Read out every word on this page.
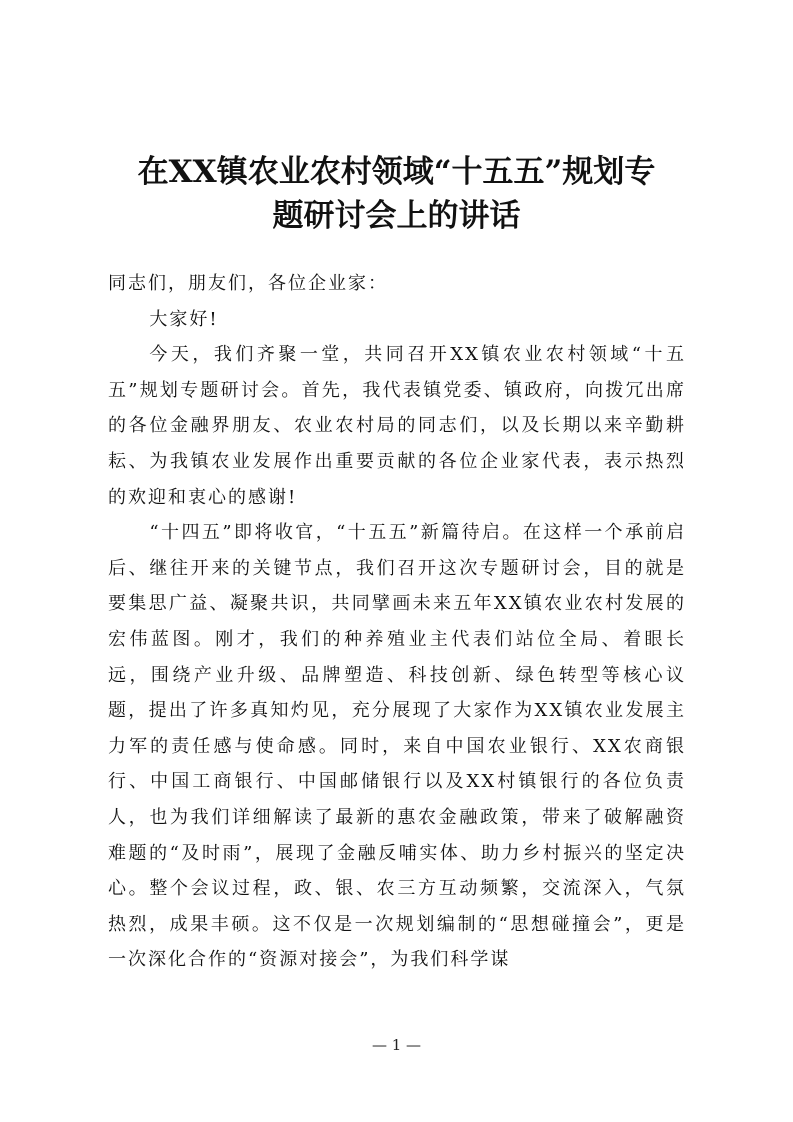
在XX镇农业农村领域“十五五”规划专
题研讨会上的讲话

同志们，朋友们，各位企业家：

大家好!

今天，我们齐聚一堂，共同召开XX镇农业农村领域“十五五”规划专题研讨会。首先，我代表镇党委、镇政府，向拨冗出席的各位金融界朋友、农业农村局的同志们，以及长期以来辛勤耕耘、为我镇农业发展作出重要贡献的各位企业家代表，表示热烈的欢迎和衷心的感谢!

“十四五”即将收官，“十五五”新篇待启。在这样一个承前启后、继往开来的关键节点，我们召开这次专题研讨会，目的就是要集思广益、凝聚共识，共同擘画未来五年XX镇农业农村发展的宏伟蓝图。刚才，我们的种养殖业主代表们站位全局、着眼长远，围绕产业升级、品牌塑造、科技创新、绿色转型等核心议题，提出了许多真知灼见，充分展现了大家作为XX镇农业发展主力军的责任感与使命感。同时，来自中国农业银行、XX农商银行、中国工商银行、中国邮储银行以及XX村镇银行的各位负责人，也为我们详细解读了最新的惠农金融政策，带来了破解融资难题的“及时雨”，展现了金融反哺实体、助力乡村振兴的坚定决心。整个会议过程，政、银、农三方互动频繁，交流深入，气氛热烈，成果丰硕。这不仅是一次规划编制的“思想碰撞会”，更是一次深化合作的“资源对接会”，为我们科学谋

— 1 —
